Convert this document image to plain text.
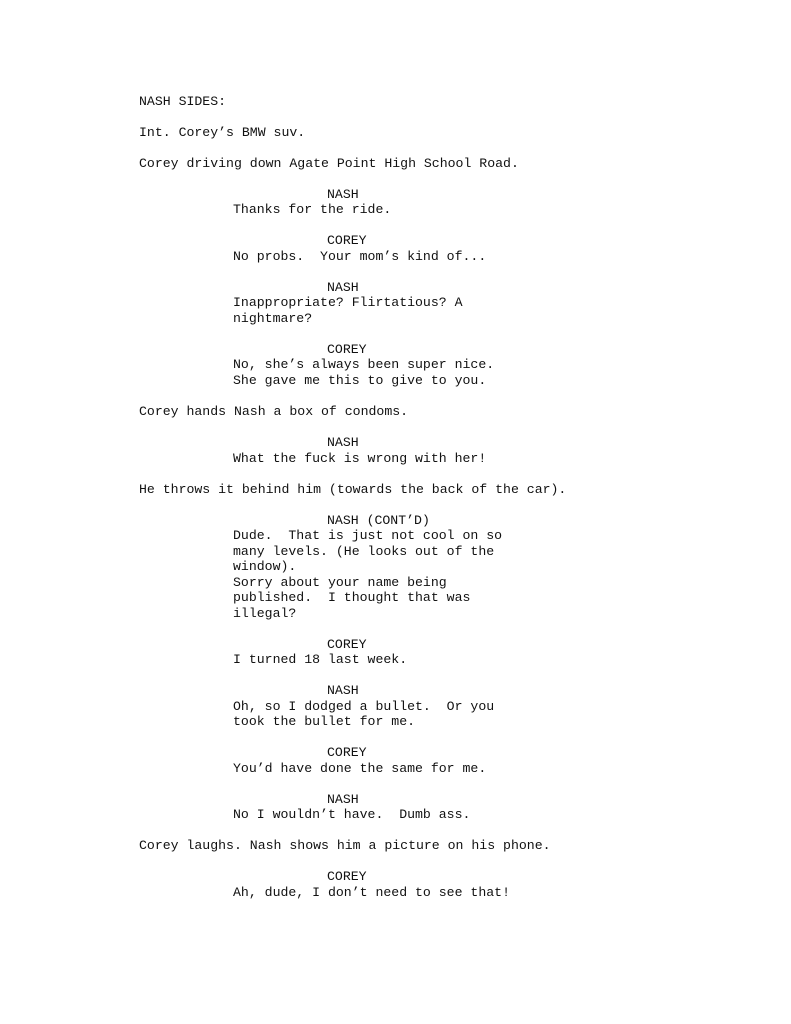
NASH SIDES:
Int. Corey’s BMW suv.
Corey driving down Agate Point High School Road.
NASH
Thanks for the ride.
COREY
No probs.  Your mom’s kind of...
NASH
Inappropriate? Flirtatious? A
nightmare?
COREY
No, she’s always been super nice.
She gave me this to give to you.
Corey hands Nash a box of condoms.
NASH
What the fuck is wrong with her!
He throws it behind him (towards the back of the car).
NASH (CONT’D)
Dude.  That is just not cool on so
many levels. (He looks out of the
window).
Sorry about your name being
published.  I thought that was
illegal?
COREY
I turned 18 last week.
NASH
Oh, so I dodged a bullet.  Or you
took the bullet for me.
COREY
You’d have done the same for me.
NASH
No I wouldn’t have.  Dumb ass.
Corey laughs. Nash shows him a picture on his phone.
COREY
Ah, dude, I don’t need to see that!
